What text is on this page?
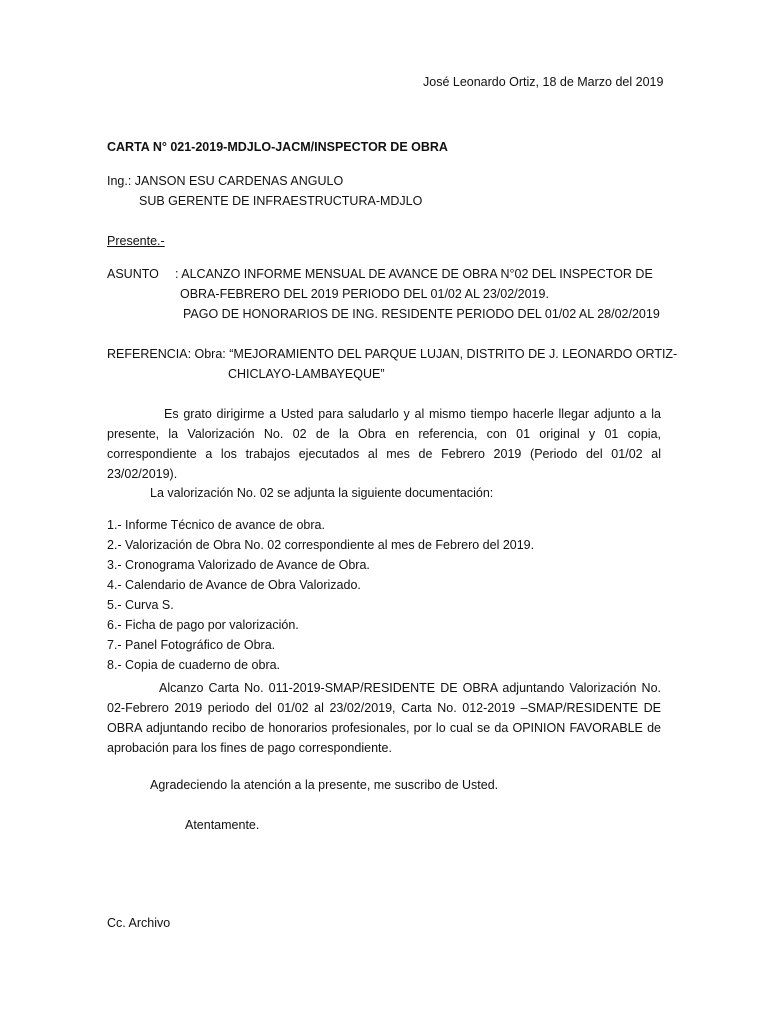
José Leonardo Ortiz, 18 de Marzo del 2019
CARTA N° 021-2019-MDJLO-JACM/INSPECTOR DE OBRA
Ing.: JANSON ESU CARDENAS ANGULO
SUB GERENTE DE INFRAESTRUCTURA-MDJLO
Presente.-
ASUNTO : ALCANZO INFORME MENSUAL DE AVANCE DE OBRA N°02 DEL INSPECTOR DE
OBRA-FEBRERO DEL 2019 PERIODO DEL 01/02 AL 23/02/2019.
PAGO DE HONORARIOS DE ING. RESIDENTE PERIODO DEL 01/02 AL 28/02/2019
REFERENCIA: Obra: “MEJORAMIENTO DEL PARQUE LUJAN, DISTRITO DE J. LEONARDO ORTIZ-
CHICLAYO-LAMBAYEQUE”
Es grato dirigirme a Usted para saludarlo y al mismo tiempo hacerle llegar adjunto a la presente, la Valorización No. 02 de la Obra en referencia, con 01 original y 01 copia, correspondiente a los trabajos ejecutados al mes de Febrero 2019 (Periodo del 01/02 al 23/02/2019).
La valorización No. 02 se adjunta la siguiente documentación:
1.- Informe Técnico de avance de obra.
2.- Valorización de Obra No. 02 correspondiente al mes de Febrero del 2019.
3.- Cronograma Valorizado de Avance de Obra.
4.- Calendario de Avance de Obra Valorizado.
5.- Curva S.
6.- Ficha de pago por valorización.
7.- Panel Fotográfico de Obra.
8.- Copia de cuaderno de obra.
Alcanzo Carta No. 011-2019-SMAP/RESIDENTE DE OBRA adjuntando Valorización No. 02-Febrero 2019 periodo del 01/02 al 23/02/2019, Carta No. 012-2019 –SMAP/RESIDENTE DE OBRA adjuntando recibo de honorarios profesionales, por lo cual se da OPINION FAVORABLE de aprobación para los fines de pago correspondiente.
Agradeciendo la atención a la presente, me suscribo de Usted.
Atentamente.
Cc. Archivo
